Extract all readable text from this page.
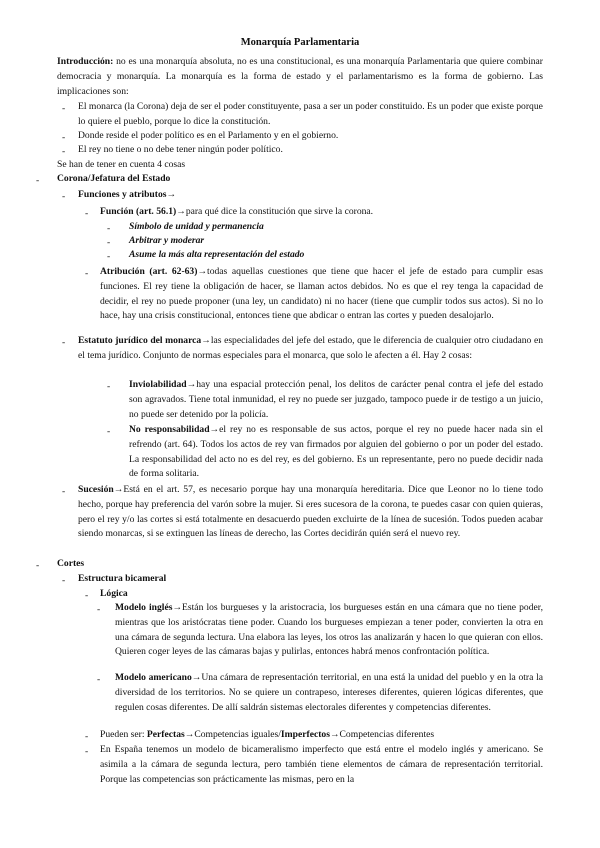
Monarquía Parlamentaria
Introducción: no es una monarquía absoluta, no es una constitucional, es una monarquía Parlamentaria que quiere combinar democracia y monarquía. La monarquía es la forma de estado y el parlamentarismo es la forma de gobierno. Las implicaciones son:
- El monarca (la Corona) deja de ser el poder constituyente, pasa a ser un poder constituido. Es un poder que existe porque lo quiere el pueblo, porque lo dice la constitución.
- Donde reside el poder político es en el Parlamento y en el gobierno.
- El rey no tiene o no debe tener ningún poder político.
Se han de tener en cuenta 4 cosas
- Corona/Jefatura del Estado
- Funciones y atributos→
- Función (art. 56.1)→para qué dice la constitución que sirve la corona.
- Símbolo de unidad y permanencia
- Arbitrar y moderar
- Asume la más alta representación del estado
- Atribución (art. 62-63)→todas aquellas cuestiones que tiene que hacer el jefe de estado para cumplir esas funciones. El rey tiene la obligación de hacer, se llaman actos debidos. No es que el rey tenga la capacidad de decidir, el rey no puede proponer (una ley, un candidato) ni no hacer (tiene que cumplir todos sus actos). Si no lo hace, hay una crisis constitucional, entonces tiene que abdicar o entran las cortes y pueden desalojarlo.
- Estatuto jurídico del monarca→las especialidades del jefe del estado, que le diferencia de cualquier otro ciudadano en el tema jurídico. Conjunto de normas especiales para el monarca, que solo le afecten a él. Hay 2 cosas:
- Inviolabilidad→hay una espacial protección penal, los delitos de carácter penal contra el jefe del estado son agravados. Tiene total inmunidad, el rey no puede ser juzgado, tampoco puede ir de testigo a un juicio, no puede ser detenido por la policía.
- No responsabilidad→el rey no es responsable de sus actos, porque el rey no puede hacer nada sin el refrendo (art. 64). Todos los actos de rey van firmados por alguien del gobierno o por un poder del estado. La responsabilidad del acto no es del rey, es del gobierno. Es un representante, pero no puede decidir nada de forma solitaria.
- Sucesión→Está en el art. 57, es necesario porque hay una monarquía hereditaria. Dice que Leonor no lo tiene todo hecho, porque hay preferencia del varón sobre la mujer. Si eres sucesora de la corona, te puedes casar con quien quieras, pero el rey y/o las cortes si está totalmente en desacuerdo pueden excluirte de la línea de sucesión. Todos pueden acabar siendo monarcas, si se extinguen las líneas de derecho, las Cortes decidirán quién será el nuevo rey.
- Cortes
- Estructura bicameral
- Lógica
- Modelo inglés→Están los burgueses y la aristocracia, los burgueses están en una cámara que no tiene poder, mientras que los aristócratas tiene poder. Cuando los burgueses empiezan a tener poder, convierten la otra en una cámara de segunda lectura. Una elabora las leyes, los otros las analizarán y hacen lo que quieran con ellos. Quieren coger leyes de las cámaras bajas y pulirlas, entonces habrá menos confrontación política.
- Modelo americano→Una cámara de representación territorial, en una está la unidad del pueblo y en la otra la diversidad de los territorios. No se quiere un contrapeso, intereses diferentes, quieren lógicas diferentes, que regulen cosas diferentes. De allí saldrán sistemas electorales diferentes y competencias diferentes.
- Pueden ser: Perfectas→Competencias iguales/Imperfectos→Competencias diferentes
- En España tenemos un modelo de bicameralismo imperfecto que está entre el modelo inglés y americano. Se asimila a la cámara de segunda lectura, pero también tiene elementos de cámara de representación territorial. Porque las competencias son prácticamente las mismas, pero en la
